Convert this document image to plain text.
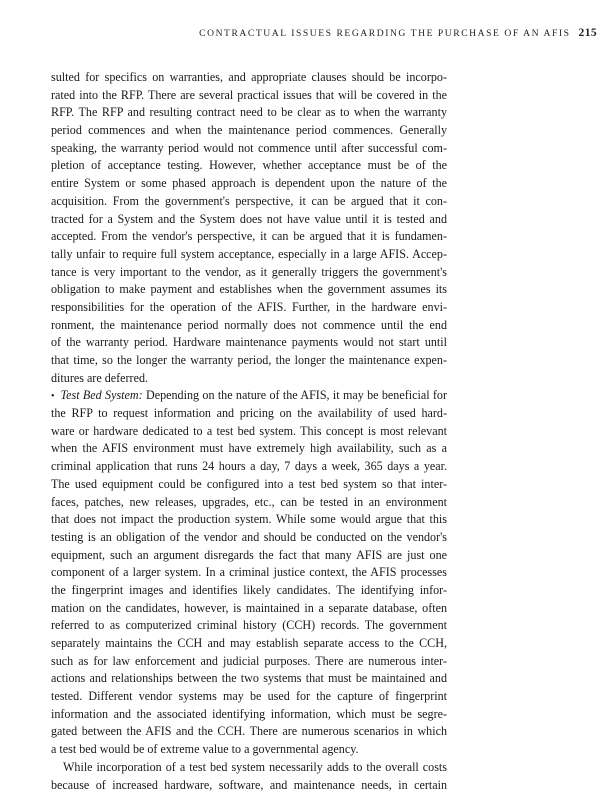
CONTRACTUAL ISSUES REGARDING THE PURCHASE OF AN AFIS 215
sulted for specifics on warranties, and appropriate clauses should be incorpo-
rated into the RFP. There are several practical issues that will be covered in the
RFP. The RFP and resulting contract need to be clear as to when the warranty
period commences and when the maintenance period commences. Generally
speaking, the warranty period would not commence until after successful com-
pletion of acceptance testing. However, whether acceptance must be of the
entire System or some phased approach is dependent upon the nature of the
acquisition. From the government's perspective, it can be argued that it con-
tracted for a System and the System does not have value until it is tested and
accepted. From the vendor's perspective, it can be argued that it is fundamen-
tally unfair to require full system acceptance, especially in a large AFIS. Accep-
tance is very important to the vendor, as it generally triggers the government's
obligation to make payment and establishes when the government assumes its
responsibilities for the operation of the AFIS. Further, in the hardware envi-
ronment, the maintenance period normally does not commence until the end
of the warranty period. Hardware maintenance payments would not start until
that time, so the longer the warranty period, the longer the maintenance expen-
ditures are deferred.
• Test Bed System: Depending on the nature of the AFIS, it may be beneficial for
the RFP to request information and pricing on the availability of used hard-
ware or hardware dedicated to a test bed system. This concept is most relevant
when the AFIS environment must have extremely high availability, such as a
criminal application that runs 24 hours a day, 7 days a week, 365 days a year.
The used equipment could be configured into a test bed system so that inter-
faces, patches, new releases, upgrades, etc., can be tested in an environment
that does not impact the production system. While some would argue that this
testing is an obligation of the vendor and should be conducted on the vendor's
equipment, such an argument disregards the fact that many AFIS are just one
component of a larger system. In a criminal justice context, the AFIS processes
the fingerprint images and identifies likely candidates. The identifying infor-
mation on the candidates, however, is maintained in a separate database, often
referred to as computerized criminal history (CCH) records. The government
separately maintains the CCH and may establish separate access to the CCH,
such as for law enforcement and judicial purposes. There are numerous inter-
actions and relationships between the two systems that must be maintained and
tested. Different vendor systems may be used for the capture of fingerprint
information and the associated identifying information, which must be segre-
gated between the AFIS and the CCH. There are numerous scenarios in which
a test bed would be of extreme value to a governmental agency.
While incorporation of a test bed system necessarily adds to the overall costs
because of increased hardware, software, and maintenance needs, in certain
